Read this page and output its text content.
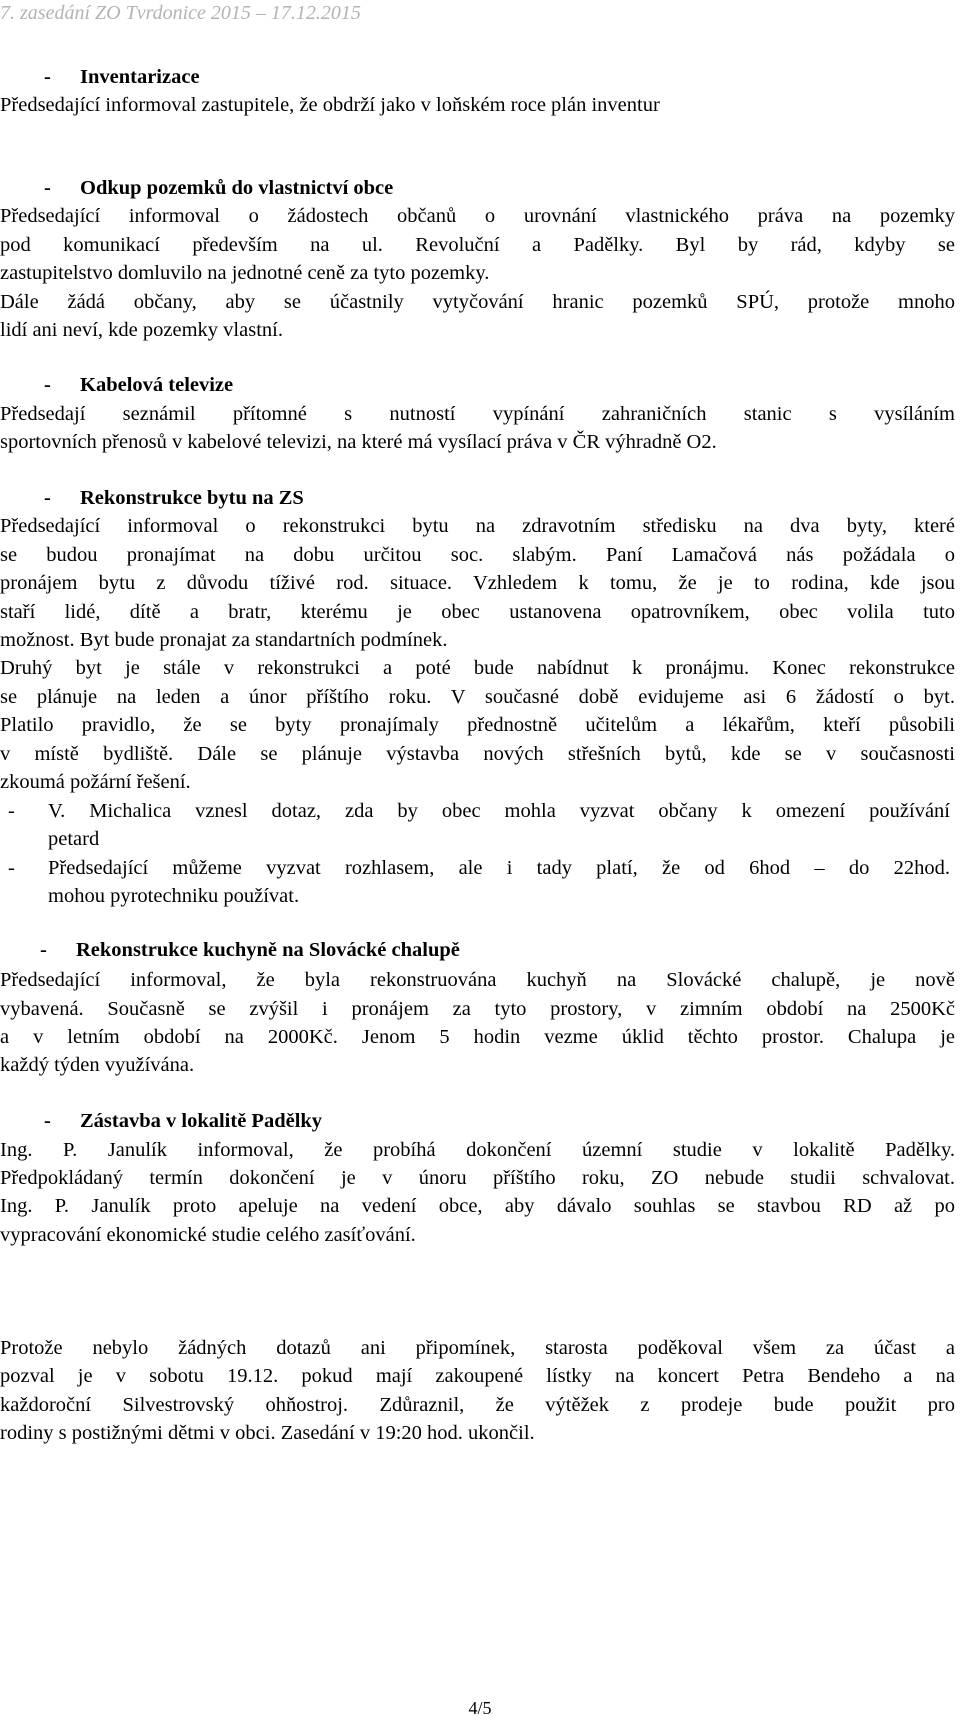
7. zasedání ZO Tvrdonice 2015 – 17.12.2015
- Inventarizace
Předsedající informoval zastupitele, že obdrží jako v loňském roce plán inventur
- Odkup pozemků do vlastnictví obce
Předsedající informoval o žádostech občanů o urovnání vlastnického práva na pozemky
pod komunikací především na ul. Revoluční a Padělky. Byl by rád, kdyby se
zastupitelstvo domluvilo na jednotné ceně za tyto pozemky.
Dále žádá občany, aby se účastnily vytyčování hranic pozemků SPÚ, protože mnoho
lidí ani neví, kde pozemky vlastní.
- Kabelová televize
Předsedají seznámil přítomné s nutností vypínání zahraničních stanic s vysíláním
sportovních přenosů v kabelové televizi, na které má vysílací práva v ČR výhradně O2.
- Rekonstrukce bytu na ZS
Předsedající informoval o rekonstrukci bytu na zdravotním středisku na dva byty, které
se budou pronajímat na dobu určitou soc. slabým. Paní Lamačová nás požádala o
pronájem bytu z důvodu tíživé rod. situace. Vzhledem k tomu, že je to rodina, kde jsou
staří lidé, dítě a bratr, kterému je obec ustanovena opatrovníkem, obec volila tuto
možnost. Byt bude pronajat za standartních podmínek.
Druhý byt je stále v rekonstrukci a poté bude nabídnut k pronájmu. Konec rekonstrukce
se plánuje na leden a únor příštího roku. V současné době evidujeme asi 6 žádostí o byt.
Platilo pravidlo, že se byty pronajímaly přednostně učitelům a lékařům, kteří působili
v místě bydliště. Dále se plánuje výstavba nových střešních bytů, kde se v současnosti
zkoumá požární řešení.
- V. Michalica vznesl dotaz, zda by obec mohla vyzvat občany k omezení používání
petard
- Předsedající můžeme vyzvat rozhlasem, ale i tady platí, že od 6hod – do 22hod.
mohou pyrotechniku používat.
- Rekonstrukce kuchyně na Slovácké chalupě
Předsedající informoval, že byla rekonstruována kuchyň na Slovácké chalupě, je nově
vybavená. Současně se zvýšil i pronájem za tyto prostory, v zimním období na 2500Kč
a v letním období na 2000Kč. Jenom 5 hodin vezme úklid těchto prostor. Chalupa je
každý týden využívána.
- Zástavba v lokalitě Padělky
Ing. P. Janulík informoval, že probíhá dokončení územní studie v lokalitě Padělky.
Předpokládaný termín dokončení je v únoru příštího roku, ZO nebude studii schvalovat.
Ing. P. Janulík proto apeluje na vedení obce, aby dávalo souhlas se stavbou RD až po
vypracování ekonomické studie celého zasíťování.
Protože nebylo žádných dotazů ani připomínek, starosta poděkoval všem za účast a
pozval je v sobotu 19.12. pokud mají zakoupené lístky na koncert Petra Bendeho a na
každoroční Silvestrovský ohňostroj. Zdůraznil, že výtěžek z prodeje bude použit pro
rodiny s postižnými dětmi v obci. Zasedání v 19:20 hod. ukončil.
4/5
